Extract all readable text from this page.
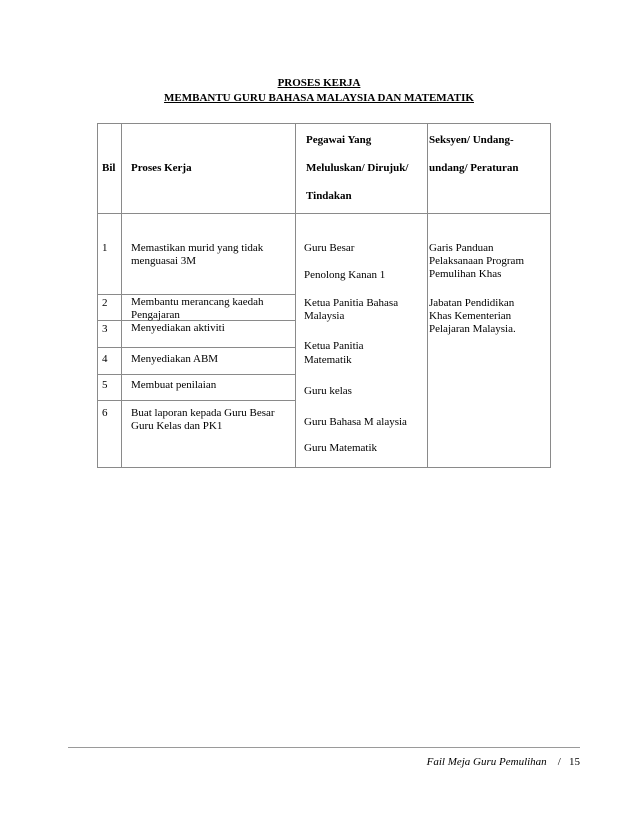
PROSES KERJA
MEMBANTU GURU BAHASA MALAYSIA DAN MATEMATIK
Bil Proses Kerja
Pegawai Yang
Meluluskan/ Dirujuk/
Tindakan
Seksyen/ Undang-
undang/ Peraturan
1 Memastikan murid yang tidak
menguasai 3M
2 Membantu merancang kaedah
Pengajaran
3 Menyediakan aktiviti
4 Menyediakan ABM
5 Membuat penilaian
6 Buat laporan kepada Guru Besar
Guru Kelas dan PK1
Guru Besar
Penolong Kanan 1
Ketua Panitia Bahasa
Malaysia
Ketua Panitia
Matematik
Guru kelas
Guru Bahasa M alaysia
Guru Matematik
Garis Panduan
Pelaksanaan Program
Pemulihan Khas
Jabatan Pendidikan
Khas Kementerian
Pelajaran Malaysia.
Fail Meja Guru Pemulihan / 15
